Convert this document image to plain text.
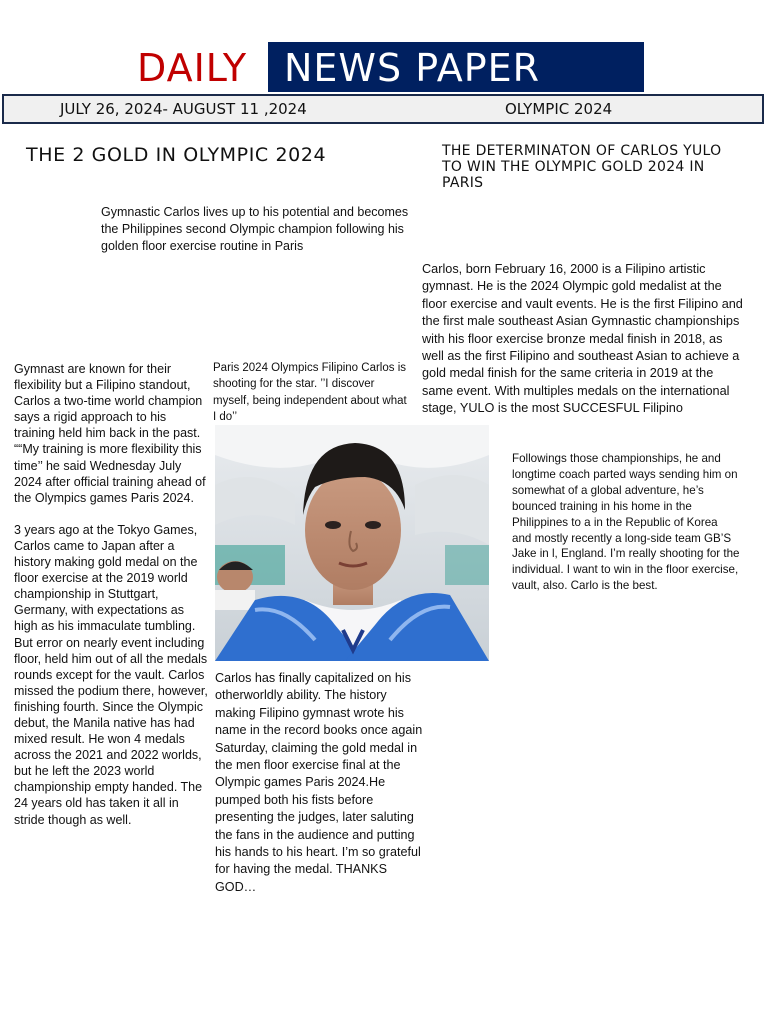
DAILY NEWS PAPER
JULY 26, 2024- AUGUST 11 ,2024	OLYMPIC 2024
THE 2 GOLD IN OLYMPIC 2024	THE DETERMINATON OF CARLOS YULO TO WIN THE OLYMPIC GOLD 2024 IN PARIS
Gymnastic Carlos lives up to his potential and becomes the Philippines second Olympic champion following his golden floor exercise routine in Paris
Carlos, born February 16, 2000 is a Filipino artistic gymnast. He is the 2024 Olympic gold medalist at the floor exercise and vault events. He is the first Filipino and the first male southeast Asian Gymnastic championships with his floor exercise bronze medal finish in 2018, as well as the first Filipino and southeast Asian to achieve a gold medal finish for the same criteria in 2019 at the same event. With multiples medals on the international stage, YULO is the most SUCCESFUL Filipino

Gymnast are known for their flexibility but a Filipino standout, Carlos a two-time world champion says a rigid approach to his training held him back in the past.
““My training is more flexibility this time’’ he said Wednesday July 2024 after official training ahead of the Olympics games Paris 2024.

3 years ago at the Tokyo Games, Carlos came to Japan after a history making gold medal on the floor exercise at the 2019 world championship in Stuttgart, Germany, with expectations as high as his immaculate tumbling. But error on nearly event including floor, held him out of all the medals rounds except for the vault. Carlos missed the podium there, however, finishing fourth. Since the Olympic debut, the Manila native has had mixed result. He won 4 medals across the 2021 and 2022 worlds, but he left the 2023 world championship empty handed. The 24 years old has taken it all in stride though as well.

Paris 2024 Olympics Filipino Carlos is shooting for the star. ’’I discover myself, being independent about what I do’’
Carlos has finally capitalized on his otherworldly ability. The history making Filipino gymnast wrote his name in the record books once again Saturday, claiming the gold medal in the men floor exercise final at the Olympic games Paris 2024.He pumped both his fists before presenting the judges, later saluting the fans in the audience and putting his hands to his heart. I’m so grateful for having the medal. THANKS GOD…
Followings those championships, he and longtime coach parted ways sending him on somewhat of a global adventure, he’s bounced training in his home in the Philippines to a in the Republic of Korea and mostly recently a long-side team GB’S Jake in l, England. I’m really shooting for the individual. I want to win in the floor exercise, vault, also. Carlo is the best.
